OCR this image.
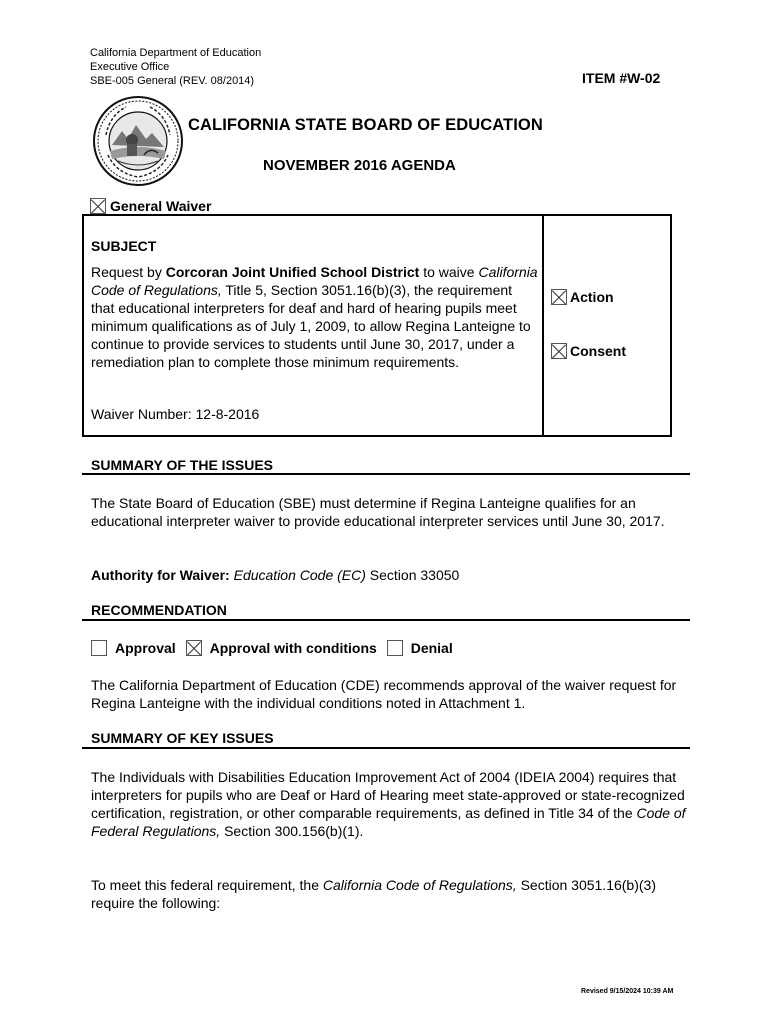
California Department of Education
Executive Office
SBE-005 General (REV. 08/2014)	ITEM #W-02
CALIFORNIA STATE BOARD OF EDUCATION
NOVEMBER 2016 AGENDA
General Waiver
SUBJECT
Request by Corcoran Joint Unified School District to waive California Code of Regulations, Title 5, Section 3051.16(b)(3), the requirement that educational interpreters for deaf and hard of hearing pupils meet minimum qualifications as of July 1, 2009, to allow Regina Lanteigne to continue to provide services to students until June 30, 2017, under a remediation plan to complete those minimum requirements.
Waiver Number: 12-8-2016
Action
Consent
SUMMARY OF THE ISSUES
The State Board of Education (SBE) must determine if Regina Lanteigne qualifies for an educational interpreter waiver to provide educational interpreter services until June 30, 2017.
Authority for Waiver: Education Code (EC) Section 33050
RECOMMENDATION
Approval Approval with conditions Denial
The California Department of Education (CDE) recommends approval of the waiver request for Regina Lanteigne with the individual conditions noted in Attachment 1.
SUMMARY OF KEY ISSUES
The Individuals with Disabilities Education Improvement Act of 2004 (IDEIA 2004) requires that interpreters for pupils who are Deaf or Hard of Hearing meet state-approved or state-recognized certification, registration, or other comparable requirements, as defined in Title 34 of the Code of Federal Regulations, Section 300.156(b)(1).
To meet this federal requirement, the California Code of Regulations, Section 3051.16(b)(3) require the following:
Revised 9/15/2024 10:39 AM
